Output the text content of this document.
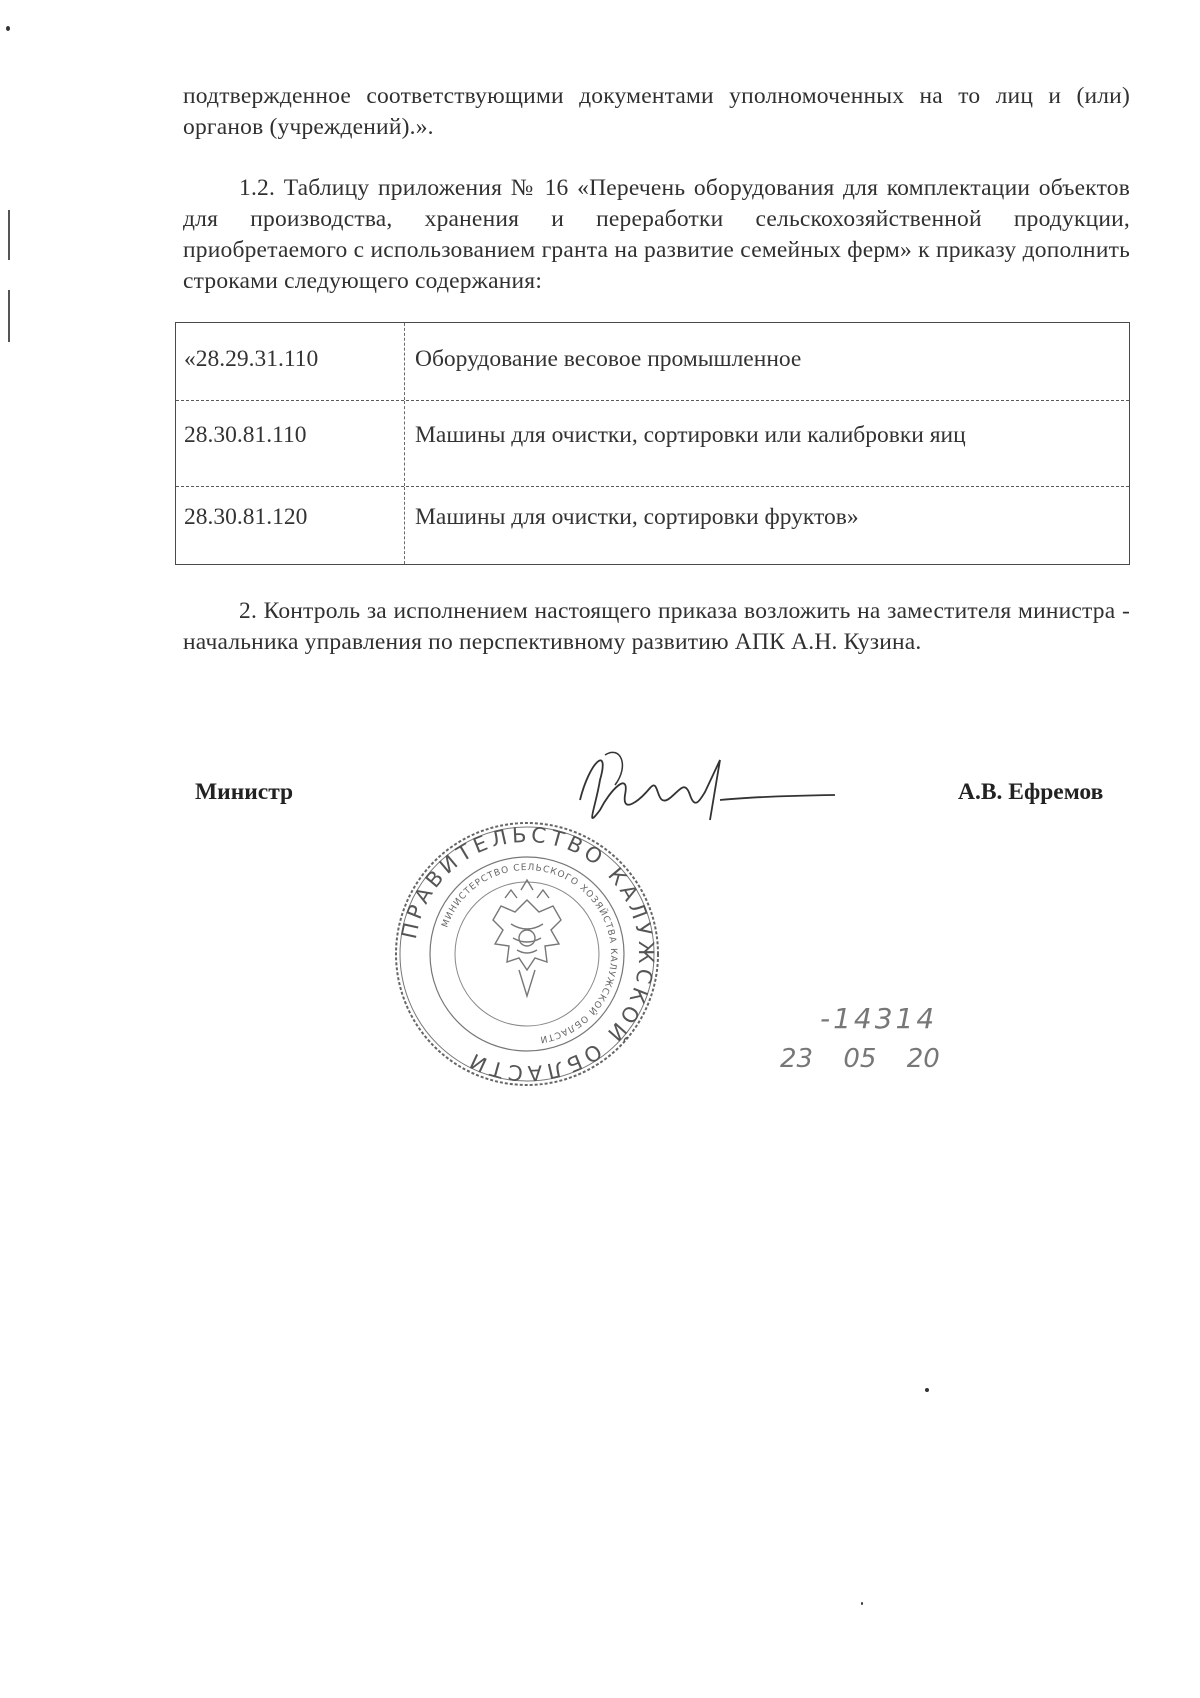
подтвержденное соответствующими документами уполномоченных на то лиц и (или) органов (учреждений).».
1.2. Таблицу приложения № 16 «Перечень оборудования для комплектации объектов для производства, хранения и переработки сельскохозяйственной продукции, приобретаемого с использованием гранта на развитие семейных ферм» к приказу дополнить строками следующего содержания:
«28.29.31.110	Оборудование весовое промышленное
28.30.81.110	Машины для очистки, сортировки или калибровки яиц
28.30.81.120	Машины для очистки, сортировки фруктов»
2. Контроль за исполнением настоящего приказа возложить на заместителя министра - начальника управления по перспективному развитию АПК А.Н. Кузина.
Министр	А.В. Ефремов
ПРАВИТЕЛЬСТВО КАЛУЖСКОЙ ОБЛАСТИ
МИНИСТЕРСТВО СЕЛЬСКОГО ХОЗЯЙСТВА КАЛУЖСКОЙ ОБЛАСТИ
-14314
23 05 20
